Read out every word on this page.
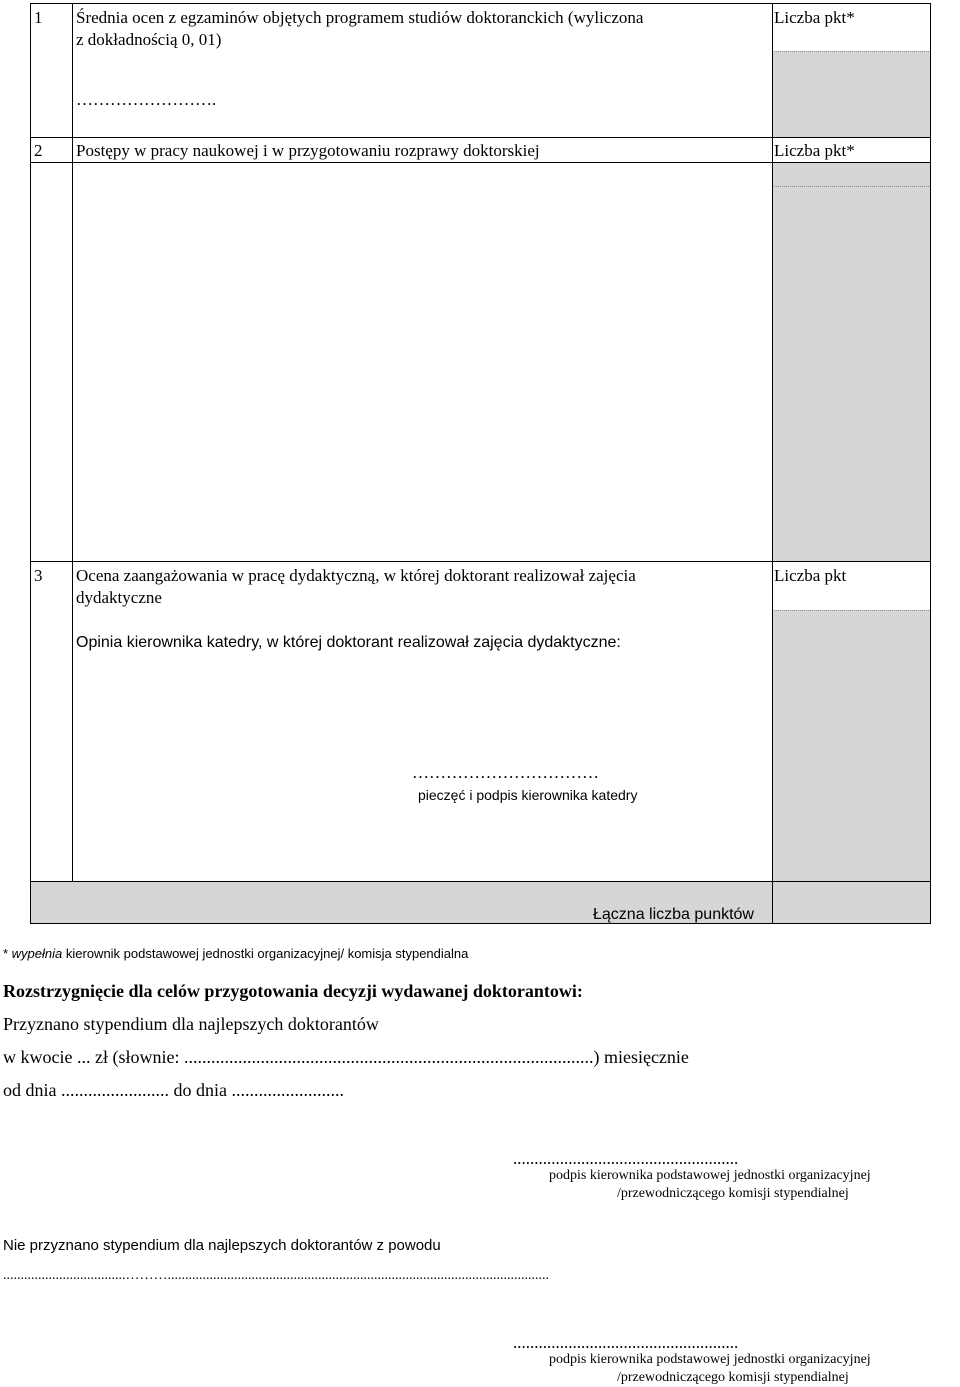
1 Średnia ocen z egzaminów objętych programem studiów doktoranckich (wyliczona
z dokładnością 0, 01)
Liczba pkt*
…………………….
2 Postępy w pracy naukowej i w przygotowaniu rozprawy doktorskiej	Liczba pkt*
3 Ocena zaangażowania w pracę dydaktyczną, w której doktorant realizował zajęcia
dydaktyczne
Liczba pkt
Opinia kierownika katedry, w której doktorant realizował zajęcia dydaktyczne:
……………………………
pieczęć i podpis kierownika katedry
Łączna liczba punktów
* wypełnia kierownik podstawowej jednostki organizacyjnej/ komisja stypendialna
Rozstrzygnięcie dla celów przygotowania decyzji wydawanej doktorantowi:
Przyznano stypendium dla najlepszych doktorantów
w kwocie ... zł (słownie: ...........................................................................................) miesięcznie
od dnia ........................ do dnia .........................
.....................................................
podpis kierownika podstawowej jednostki organizacyjnej
/przewodniczącego komisji stypendialnej
Nie przyznano stypendium dla najlepszych doktorantów z powodu
...................................……….............................................................................................................
.....................................................
podpis kierownika podstawowej jednostki organizacyjnej
/przewodniczącego komisji stypendialnej
